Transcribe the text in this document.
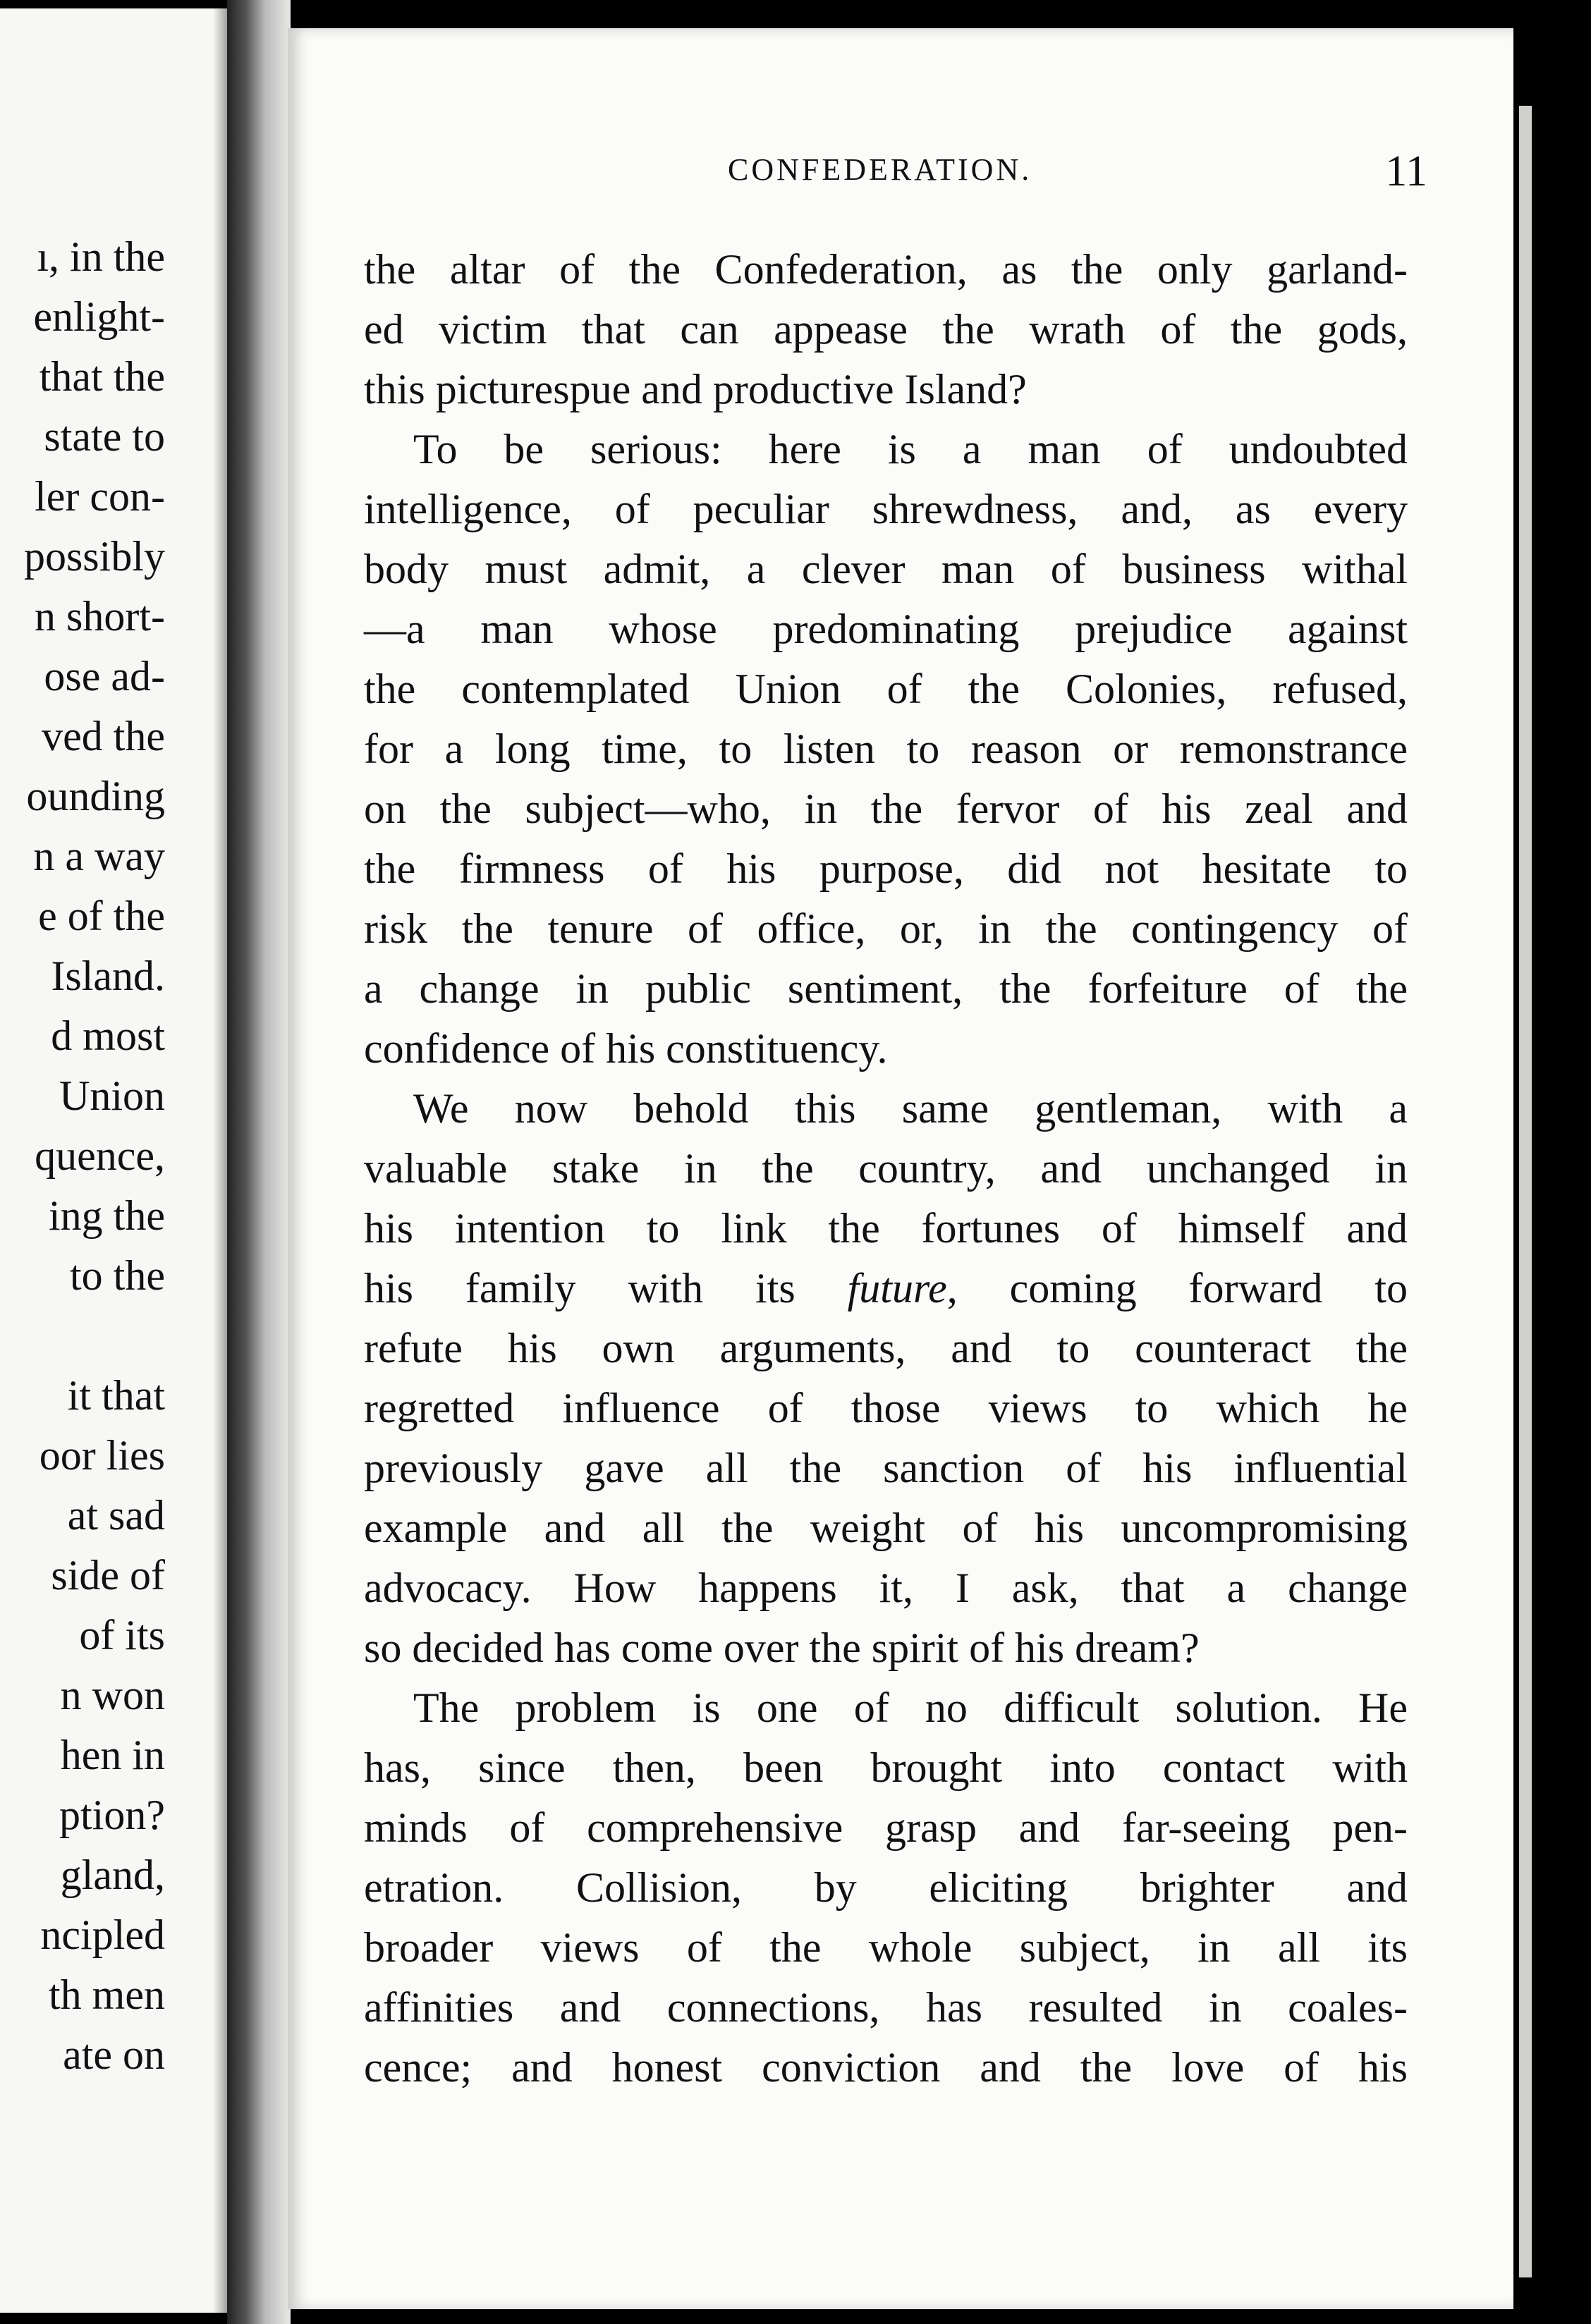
ı, in the
enlight-
that the
state to
ler con-
possibly
n short-
ose ad-
ved the
ounding
n a way
e of the
Island.
d most
Union
quence,
ing the
to the
it that
oor lies
at sad
side of
of its
n won
hen in
ption?
gland,
ncipled
th men
ate on
CONFEDERATION.	11
the altar of the Confederation, as the only garland-
ed victim that can appease the wrath of the gods,
this picturespue and productive Island?
To be serious: here is a man of undoubted
intelligence, of peculiar shrewdness, and, as every
body must admit, a clever man of business withal
—a man whose predominating prejudice against
the contemplated Union of the Colonies, refused,
for a long time, to listen to reason or remonstrance
on the subject—who, in the fervor of his zeal and
the firmness of his purpose, did not hesitate to
risk the tenure of office, or, in the contingency of
a change in public sentiment, the forfeiture of the
confidence of his constituency.
We now behold this same gentleman, with a
valuable stake in the country, and unchanged in
his intention to link the fortunes of himself and
his family with its future, coming forward to
refute his own arguments, and to counteract the
regretted influence of those views to which he
previously gave all the sanction of his influential
example and all the weight of his uncompromising
advocacy. How happens it, I ask, that a change
so decided has come over the spirit of his dream?
The problem is one of no difficult solution. He
has, since then, been brought into contact with
minds of comprehensive grasp and far-seeing pen-
etration. Collision, by eliciting brighter and
broader views of the whole subject, in all its
affinities and connections, has resulted in coales-
cence; and honest conviction and the love of his
